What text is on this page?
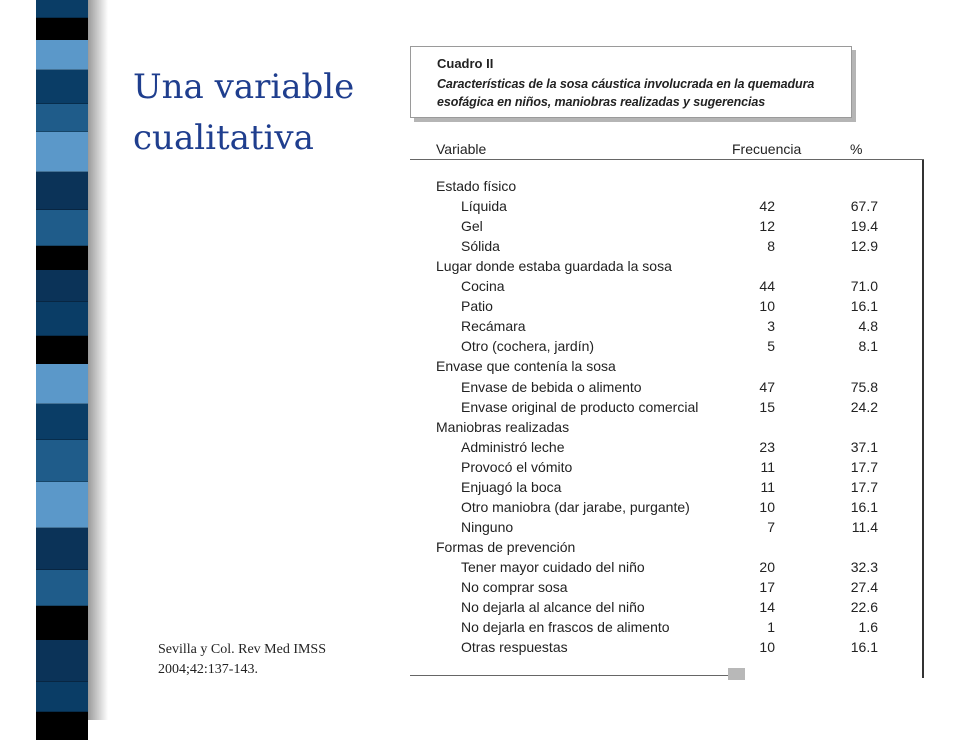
Una variable
cualitativa
Cuadro II
Características de la sosa cáustica involucrada en la quemadura esofágica en niños, maniobras realizadas y sugerencias
Variable	Frecuencia	%
Estado físico
Líquida	42	67.7
Gel	12	19.4
Sólida	8	12.9
Lugar donde estaba guardada la sosa
Cocina	44	71.0
Patio	10	16.1
Recámara	3	4.8
Otro (cochera, jardín)	5	8.1
Envase que contenía la sosa
Envase de bebida o alimento	47	75.8
Envase original de producto comercial	15	24.2
Maniobras realizadas
Administró leche	23	37.1
Provocó el vómito	11	17.7
Enjuagó la boca	11	17.7
Otro maniobra (dar jarabe, purgante)	10	16.1
Ninguno	7	11.4
Formas de prevención
Tener mayor cuidado del niño	20	32.3
No comprar sosa	17	27.4
No dejarla al alcance del niño	14	22.6
No dejarla en frascos de alimento	1	1.6
Otras respuestas	10	16.1
Sevilla y Col. Rev Med IMSS
2004;42:137-143.
